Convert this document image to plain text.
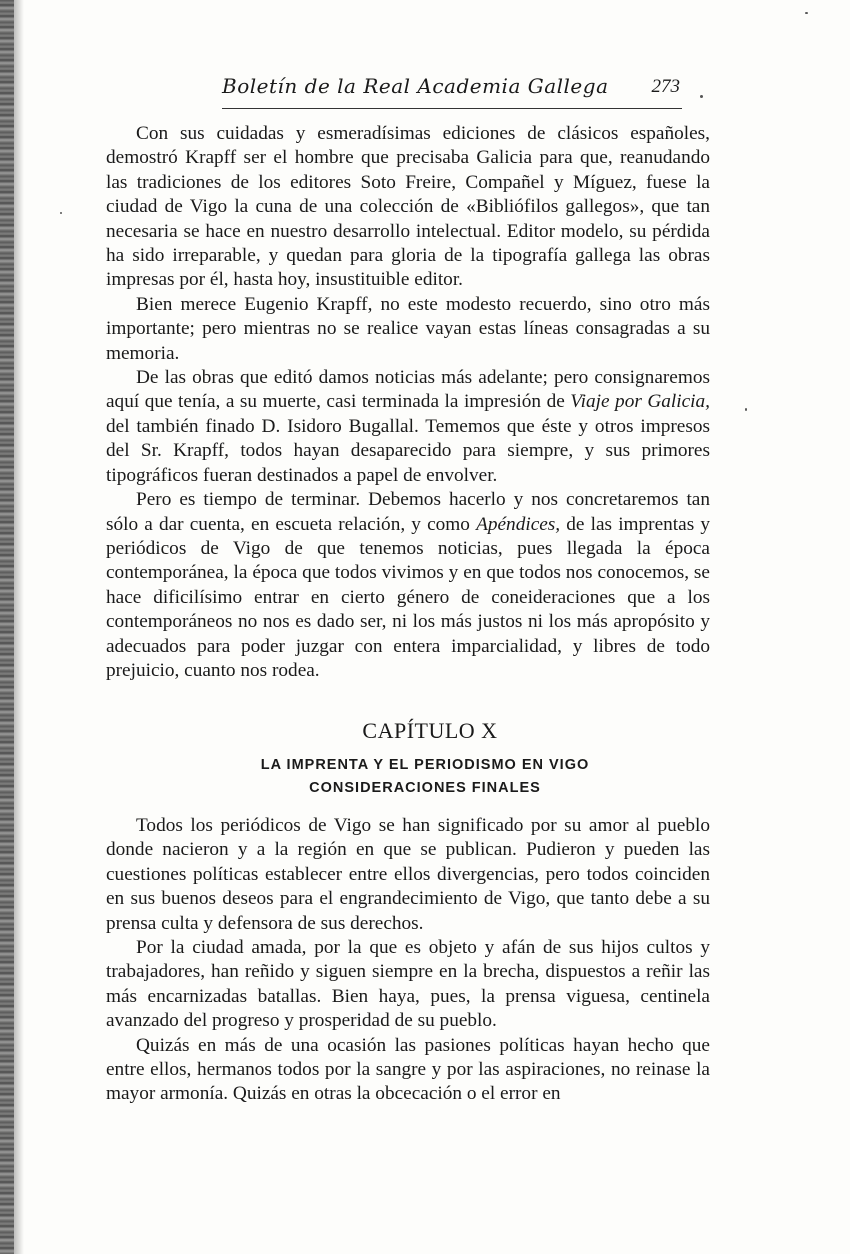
Boletín de la Real Academia Gallega 273

Con sus cuidadas y esmeradísimas ediciones de clásicos españoles, demostró Krapff ser el hombre que precisaba Galicia para que, reanudando las tradiciones de los editores Soto Freire, Compañel y Míguez, fuese la ciudad de Vigo la cuna de una colección de «Bibliófilos gallegos», que tan necesaria se hace en nuestro desarrollo intelectual. Editor modelo, su pérdida ha sido irreparable, y quedan para gloria de la tipografía gallega las obras impresas por él, hasta hoy, insustituible editor.

Bien merece Eugenio Krapff, no este modesto recuerdo, sino otro más importante; pero mientras no se realice vayan estas líneas consagradas a su memoria.

De las obras que editó damos noticias más adelante; pero consignaremos aquí que tenía, a su muerte, casi terminada la impresión de Viaje por Galicia, del también finado D. Isidoro Bugallal. Tememos que éste y otros impresos del Sr. Krapff, todos hayan desaparecido para siempre, y sus primores tipográficos fueran destinados a papel de envolver.

Pero es tiempo de terminar. Debemos hacerlo y nos concretaremos tan sólo a dar cuenta, en escueta relación, y como Apéndices, de las imprentas y periódicos de Vigo de que tenemos noticias, pues llegada la época contemporánea, la época que todos vivimos y en que todos nos conocemos, se hace dificilísimo entrar en cierto género de coneideraciones que a los contemporáneos no nos es dado ser, ni los más justos ni los más apropósito y adecuados para poder juzgar con entera imparcialidad, y libres de todo prejuicio, cuanto nos rodea.

CAPÍTULO X
LA IMPRENTA Y EL PERIODISMO EN VIGO
CONSIDERACIONES FINALES

Todos los periódicos de Vigo se han significado por su amor al pueblo donde nacieron y a la región en que se publican. Pudieron y pueden las cuestiones políticas establecer entre ellos divergencias, pero todos coinciden en sus buenos deseos para el engrandecimiento de Vigo, que tanto debe a su prensa culta y defensora de sus derechos.

Por la ciudad amada, por la que es objeto y afán de sus hijos cultos y trabajadores, han reñido y siguen siempre en la brecha, dispuestos a reñir las más encarnizadas batallas. Bien haya, pues, la prensa viguesa, centinela avanzado del progreso y prosperidad de su pueblo.

Quizás en más de una ocasión las pasiones políticas hayan hecho que entre ellos, hermanos todos por la sangre y por las aspiraciones, no reinase la mayor armonía. Quizás en otras la obcecación o el error en
